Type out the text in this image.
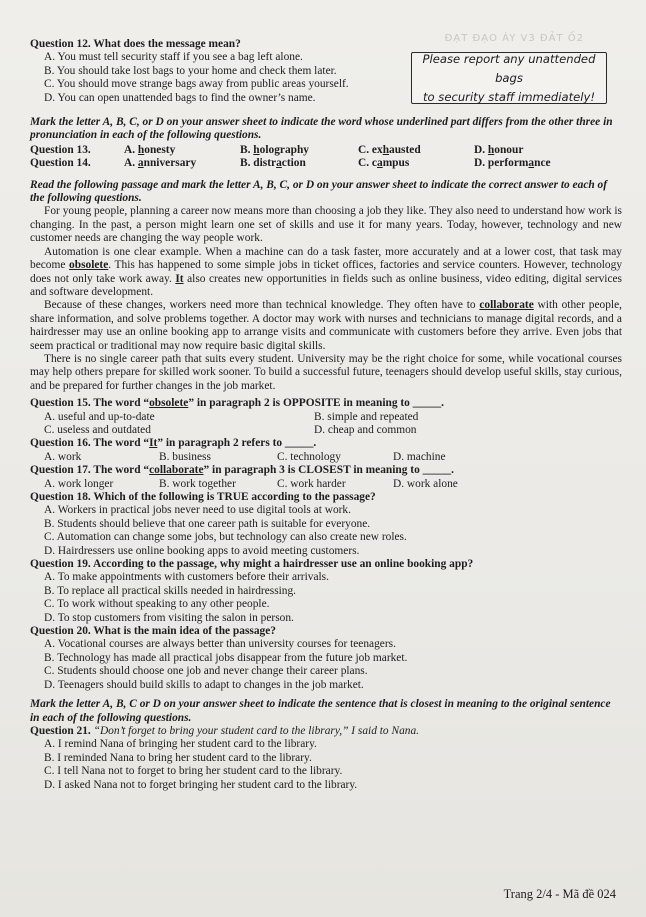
ĐẠT ĐẠO ÁY V3 ĐẢT Ố2
Question 12. What does the message mean?
A. You must tell security staff if you see a bag left alone.
B. You should take lost bags to your home and check them later.
C. You should move strange bags away from public areas yourself.
D. You can open unattended bags to find the owner’s name.
Please report any unattended bags
to security staff immediately!
Mark the letter A, B, C, or D on your answer sheet to indicate the word whose underlined part differs from the other three in pronunciation in each of the following questions.
Question 13.	A. honesty	B. holography	C. exhausted	D. honour
Question 14.	A. anniversary	B. distraction	C. campus	D. performance
Read the following passage and mark the letter A, B, C, or D on your answer sheet to indicate the correct answer to each of the following questions.
For young people, planning a career now means more than choosing a job they like. They also need to understand how work is changing. In the past, a person might learn one set of skills and use it for many years. Today, however, technology and new customer needs are changing the way people work.
Automation is one clear example. When a machine can do a task faster, more accurately and at a lower cost, that task may become obsolete. This has happened to some simple jobs in ticket offices, factories and service counters. However, technology does not only take work away. It also creates new opportunities in fields such as online business, video editing, digital services and software development.
Because of these changes, workers need more than technical knowledge. They often have to collaborate with other people, share information, and solve problems together. A doctor may work with nurses and technicians to manage digital records, and a hairdresser may use an online booking app to arrange visits and communicate with customers before they arrive. Even jobs that seem practical or traditional may now require basic digital skills.
There is no single career path that suits every student. University may be the right choice for some, while vocational courses may help others prepare for skilled work sooner. To build a successful future, teenagers should develop useful skills, stay curious, and be prepared for further changes in the job market.
Question 15. The word “obsolete” in paragraph 2 is OPPOSITE in meaning to _____.
A. useful and up-to-date	B. simple and repeated
C. useless and outdated	D. cheap and common
Question 16. The word “It” in paragraph 2 refers to _____.
A. work	B. business	C. technology	D. machine
Question 17. The word “collaborate” in paragraph 3 is CLOSEST in meaning to _____.
A. work longer	B. work together	C. work harder	D. work alone
Question 18. Which of the following is TRUE according to the passage?
A. Workers in practical jobs never need to use digital tools at work.
B. Students should believe that one career path is suitable for everyone.
C. Automation can change some jobs, but technology can also create new roles.
D. Hairdressers use online booking apps to avoid meeting customers.
Question 19. According to the passage, why might a hairdresser use an online booking app?
A. To make appointments with customers before their arrivals.
B. To replace all practical skills needed in hairdressing.
C. To work without speaking to any other people.
D. To stop customers from visiting the salon in person.
Question 20. What is the main idea of the passage?
A. Vocational courses are always better than university courses for teenagers.
B. Technology has made all practical jobs disappear from the future job market.
C. Students should choose one job and never change their career plans.
D. Teenagers should build skills to adapt to changes in the job market.
Mark the letter A, B, C or D on your answer sheet to indicate the sentence that is closest in meaning to the original sentence in each of the following questions.
Question 21. “Don’t forget to bring your student card to the library,” I said to Nana.
A. I remind Nana of bringing her student card to the library.
B. I reminded Nana to bring her student card to the library.
C. I tell Nana not to forget to bring her student card to the library.
D. I asked Nana not to forget bringing her student card to the library.
Trang 2/4 - Mã đề 024
